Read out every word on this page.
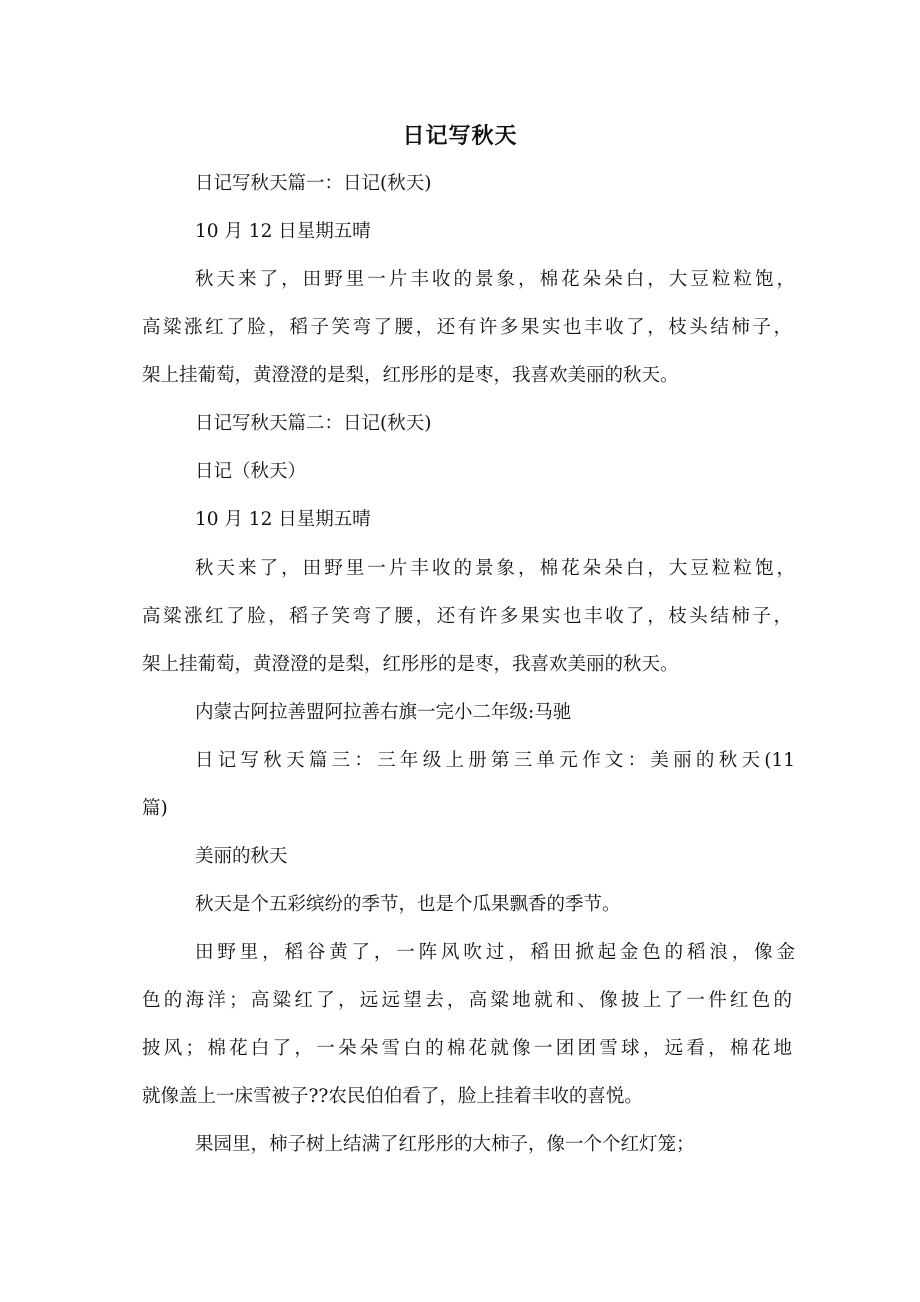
日记写秋天
日记写秋天篇一：日记(秋天)
10 月 12 日星期五晴
秋天来了，田野里一片丰收的景象，棉花朵朵白，大豆粒粒饱，
高粱涨红了脸，稻子笑弯了腰，还有许多果实也丰收了，枝头结柿子，
架上挂葡萄，黄澄澄的是梨，红彤彤的是枣，我喜欢美丽的秋天。
日记写秋天篇二：日记(秋天)
日记（秋天）
10 月 12 日星期五晴
秋天来了，田野里一片丰收的景象，棉花朵朵白，大豆粒粒饱，
高粱涨红了脸，稻子笑弯了腰，还有许多果实也丰收了，枝头结柿子，
架上挂葡萄，黄澄澄的是梨，红彤彤的是枣，我喜欢美丽的秋天。
内蒙古阿拉善盟阿拉善右旗一完小二年级:马驰
日记写秋天篇三：三年级上册第三单元作文：美丽的秋天(11
篇)
美丽的秋天
秋天是个五彩缤纷的季节，也是个瓜果飘香的季节。
田野里，稻谷黄了，一阵风吹过，稻田掀起金色的稻浪，像金
色的海洋；高粱红了，远远望去，高粱地就和、像披上了一件红色的
披风；棉花白了，一朵朵雪白的棉花就像一团团雪球，远看，棉花地
就像盖上一床雪被子??农民伯伯看了，脸上挂着丰收的喜悦。
果园里，柿子树上结满了红彤彤的大柿子，像一个个红灯笼；
